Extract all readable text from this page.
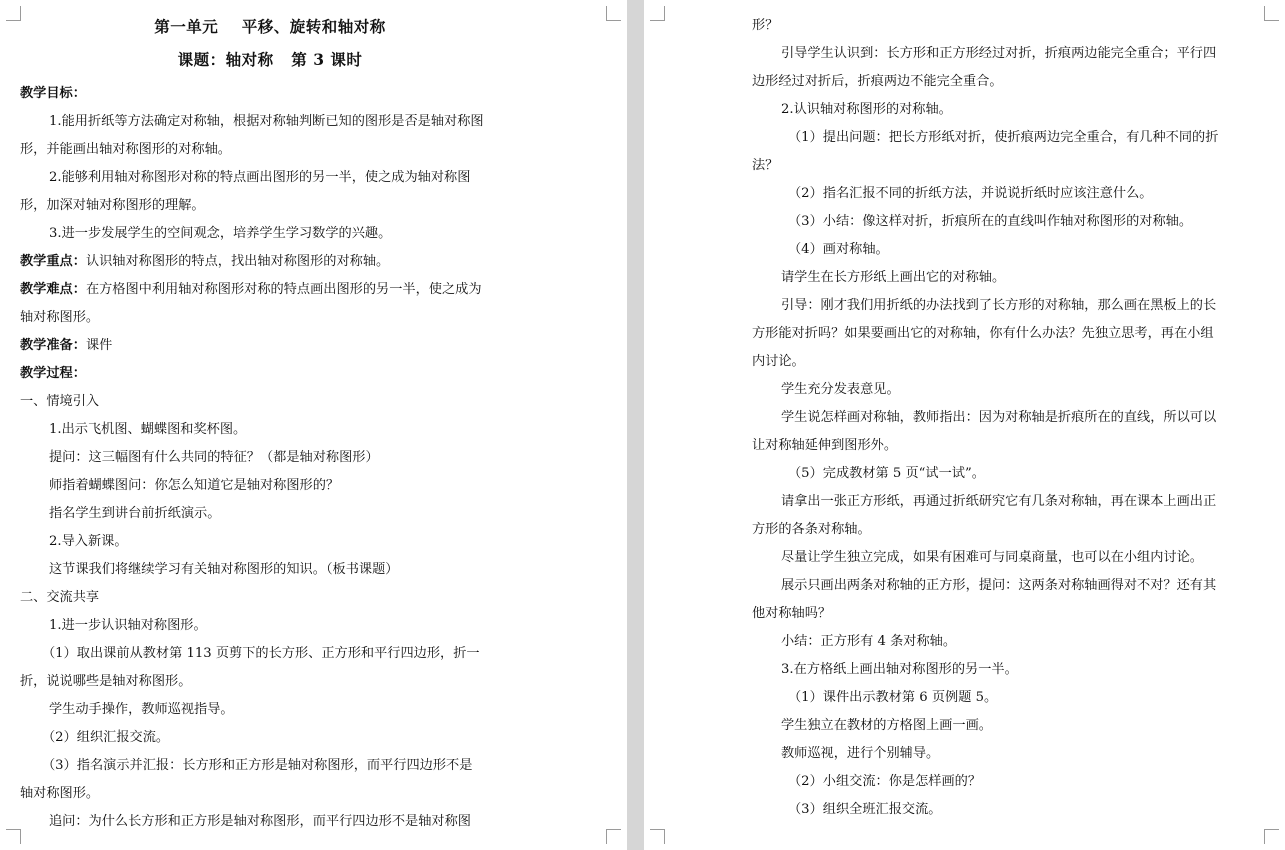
第一单元    平移、旋转和轴对称
课题：轴对称   第 3 课时
教学目标：
1.能用折纸等方法确定对称轴，根据对称轴判断已知的图形是否是轴对称图
形，并能画出轴对称图形的对称轴。
2.能够利用轴对称图形对称的特点画出图形的另一半，使之成为轴对称图
形，加深对轴对称图形的理解。
3.进一步发展学生的空间观念，培养学生学习数学的兴趣。
教学重点：认识轴对称图形的特点，找出轴对称图形的对称轴。
教学难点：在方格图中利用轴对称图形对称的特点画出图形的另一半，使之成为
轴对称图形。
教学准备：课件
教学过程：
一、情境引入
1.出示飞机图、蝴蝶图和奖杯图。
提问：这三幅图有什么共同的特征？（都是轴对称图形）
师指着蝴蝶图问：你怎么知道它是轴对称图形的？
指名学生到讲台前折纸演示。
2.导入新课。
这节课我们将继续学习有关轴对称图形的知识。（板书课题）
二、交流共享
1.进一步认识轴对称图形。
（1）取出课前从教材第 113 页剪下的长方形、正方形和平行四边形，折一
折，说说哪些是轴对称图形。
学生动手操作，教师巡视指导。
（2）组织汇报交流。
（3）指名演示并汇报：长方形和正方形是轴对称图形，而平行四边形不是
轴对称图形。
追问：为什么长方形和正方形是轴对称图形，而平行四边形不是轴对称图
形？
引导学生认识到：长方形和正方形经过对折，折痕两边能完全重合；平行四
边形经过对折后，折痕两边不能完全重合。
2.认识轴对称图形的对称轴。
（1）提出问题：把长方形纸对折，使折痕两边完全重合，有几种不同的折
法？
（2）指名汇报不同的折纸方法，并说说折纸时应该注意什么。
（3）小结：像这样对折，折痕所在的直线叫作轴对称图形的对称轴。
（4）画对称轴。
请学生在长方形纸上画出它的对称轴。
引导：刚才我们用折纸的办法找到了长方形的对称轴，那么画在黑板上的长
方形能对折吗？如果要画出它的对称轴，你有什么办法？先独立思考，再在小组
内讨论。
学生充分发表意见。
学生说怎样画对称轴，教师指出：因为对称轴是折痕所在的直线，所以可以
让对称轴延伸到图形外。
（5）完成教材第 5 页“试一试”。
请拿出一张正方形纸，再通过折纸研究它有几条对称轴，再在课本上画出正
方形的各条对称轴。
尽量让学生独立完成，如果有困难可与同桌商量，也可以在小组内讨论。
展示只画出两条对称轴的正方形，提问：这两条对称轴画得对不对？还有其
他对称轴吗？
小结：正方形有 4 条对称轴。
3.在方格纸上画出轴对称图形的另一半。
（1）课件出示教材第 6 页例题 5。
学生独立在教材的方格图上画一画。
教师巡视，进行个别辅导。
（2）小组交流：你是怎样画的？
（3）组织全班汇报交流。
